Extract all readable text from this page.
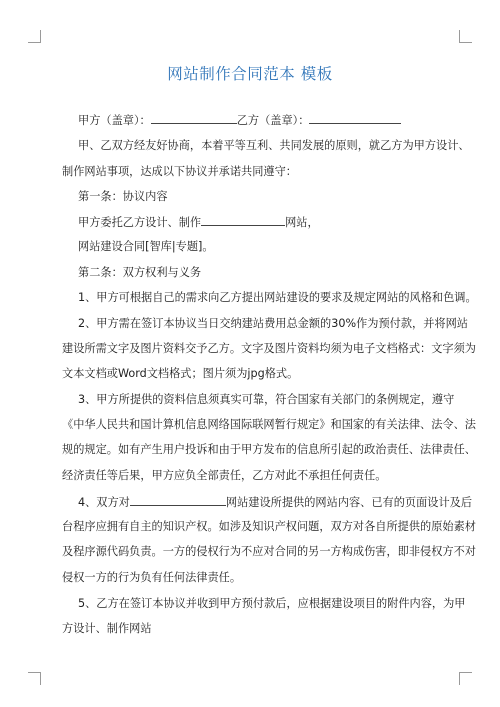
网站制作合同范本 模板
甲方（盖章）：	乙方（盖章）：
甲、乙双方经友好协商，本着平等互利、共同发展的原则，就乙方为甲方设计、
制作网站事项，达成以下协议并承诺共同遵守：
第一条：协议内容
甲方委托乙方设计、制作	网站，
网站建设合同[智库|专题]。
第二条：双方权利与义务
1、甲方可根据自己的需求向乙方提出网站建设的要求及规定网站的风格和色调。
2、甲方需在签订本协议当日交纳建站费用总金额的30%作为预付款，并将网站
建设所需文字及图片资料交予乙方。文字及图片资料均须为电子文档格式：文字须为
文本文档或Word文档格式；图片须为jpg格式。
3、甲方所提供的资料信息须真实可靠，符合国家有关部门的条例规定，遵守
《中华人民共和国计算机信息网络国际联网暂行规定》和国家的有关法律、法令、法
规的规定。如有产生用户投诉和由于甲方发布的信息所引起的政治责任、法律责任、
经济责任等后果，甲方应负全部责任，乙方对此不承担任何责任。
4、双方对	网站建设所提供的网站内容、已有的页面设计及后
台程序应拥有自主的知识产权。如涉及知识产权问题，双方对各自所提供的原始素材
及程序源代码负责。一方的侵权行为不应对合同的另一方构成伤害，即非侵权方不对
侵权一方的行为负有任何法律责任。
5、乙方在签订本协议并收到甲方预付款后，应根据建设项目的附件内容，为甲
方设计、制作网站
